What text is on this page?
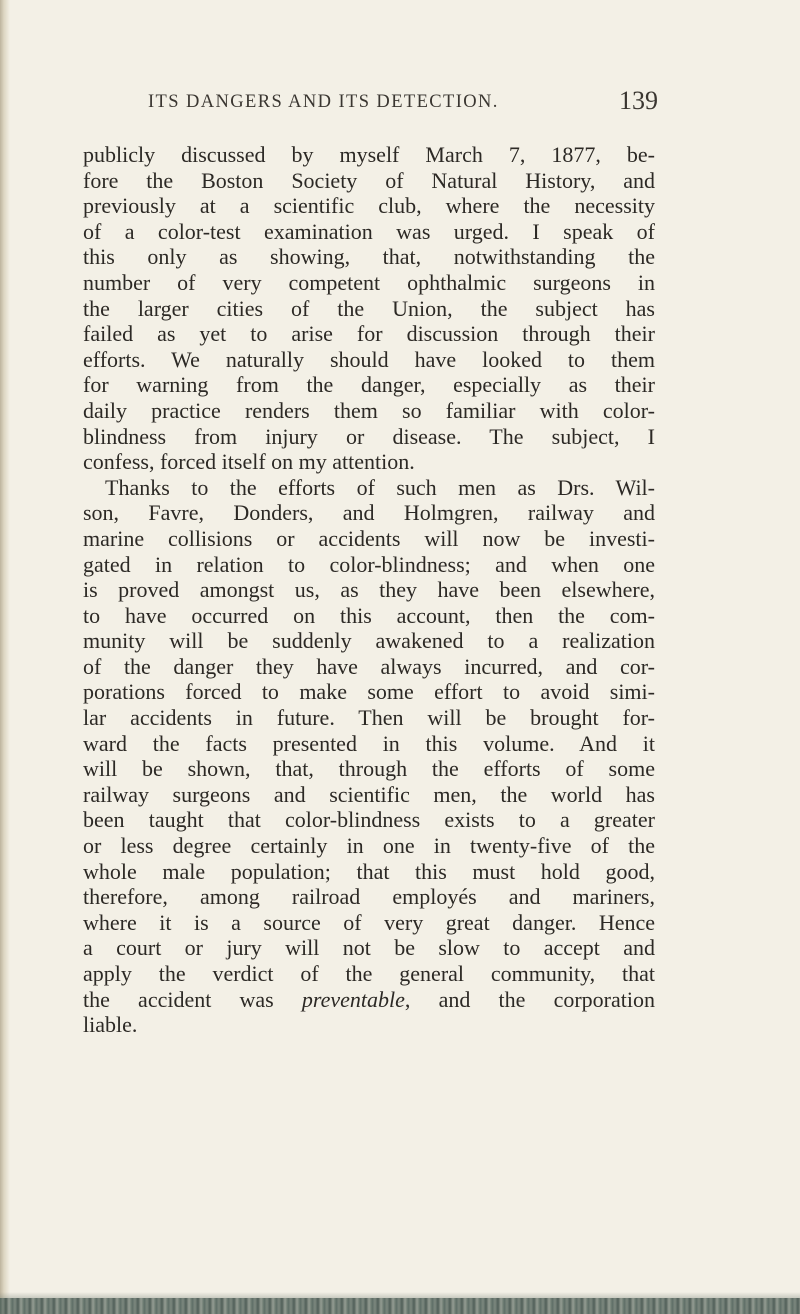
ITS DANGERS AND ITS DETECTION.	139
publicly discussed by myself March 7, 1877, be-
fore the Boston Society of Natural History, and
previously at a scientific club, where the necessity
of a color-test examination was urged. I speak of
this only as showing, that, notwithstanding the
number of very competent ophthalmic surgeons in
the larger cities of the Union, the subject has
failed as yet to arise for discussion through their
efforts. We naturally should have looked to them
for warning from the danger, especially as their
daily practice renders them so familiar with color-
blindness from injury or disease. The subject, I
confess, forced itself on my attention.
Thanks to the efforts of such men as Drs. Wil-
son, Favre, Donders, and Holmgren, railway and
marine collisions or accidents will now be investi-
gated in relation to color-blindness; and when one
is proved amongst us, as they have been elsewhere,
to have occurred on this account, then the com-
munity will be suddenly awakened to a realization
of the danger they have always incurred, and cor-
porations forced to make some effort to avoid simi-
lar accidents in future. Then will be brought for-
ward the facts presented in this volume. And it
will be shown, that, through the efforts of some
railway surgeons and scientific men, the world has
been taught that color-blindness exists to a greater
or less degree certainly in one in twenty-five of the
whole male population; that this must hold good,
therefore, among railroad employés and mariners,
where it is a source of very great danger. Hence
a court or jury will not be slow to accept and
apply the verdict of the general community, that
the accident was preventable, and the corporation
liable.
